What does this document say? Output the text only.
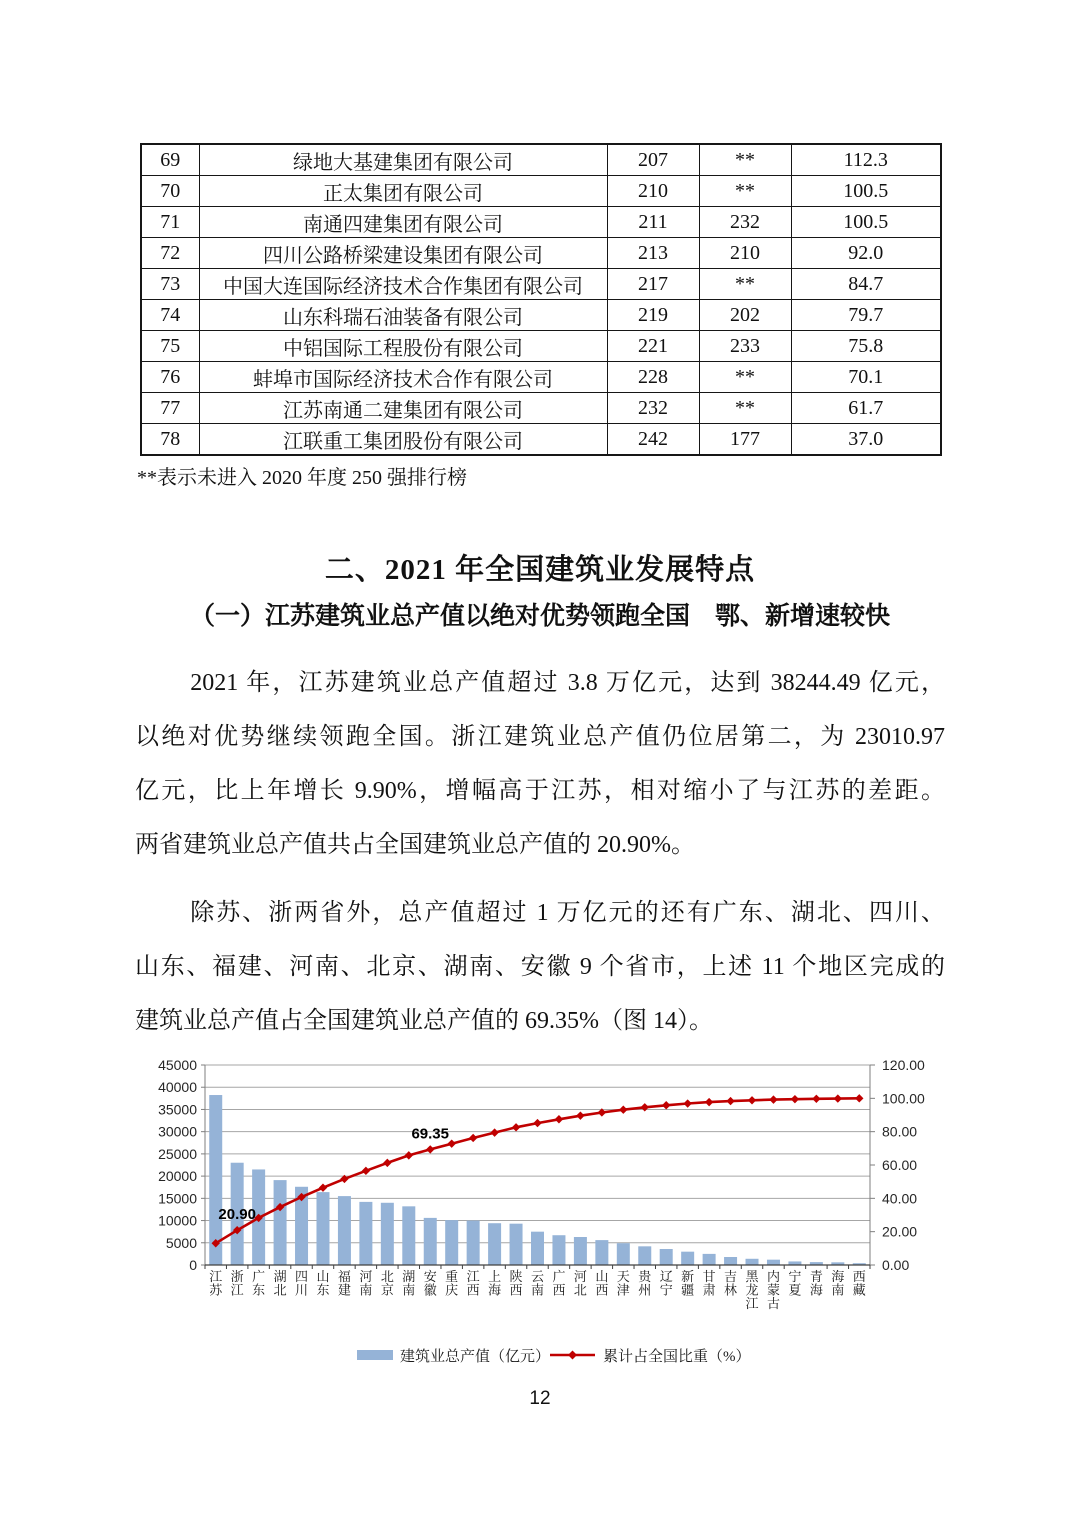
69	绿地大基建集团有限公司	207	**	112.3
70	正太集团有限公司	210	**	100.5
71	南通四建集团有限公司	211	232	100.5
72	四川公路桥梁建设集团有限公司	213	210	92.0
73	中国大连国际经济技术合作集团有限公司	217	**	84.7
74	山东科瑞石油装备有限公司	219	202	79.7
75	中铝国际工程股份有限公司	221	233	75.8
76	蚌埠市国际经济技术合作有限公司	228	**	70.1
77	江苏南通二建集团有限公司	232	**	61.7
78	江联重工集团股份有限公司	242	177	37.0
**表示未进入 2020 年度 250 强排行榜
二、2021 年全国建筑业发展特点
（一）江苏建筑业总产值以绝对优势领跑全国　鄂、新增速较快
2021 年，江苏建筑业总产值超过 3.8 万亿元，达到 38244.49 亿元，
以绝对优势继续领跑全国。浙江建筑业总产值仍位居第二，为 23010.97
亿元，比上年增长 9.90%，增幅高于江苏，相对缩小了与江苏的差距。
两省建筑业总产值共占全国建筑业总产值的 20.90%。
除苏、浙两省外，总产值超过 1 万亿元的还有广东、湖北、四川、
山东、福建、河南、北京、湖南、安徽 9 个省市，上述 11 个地区完成的
建筑业总产值占全国建筑业总产值的 69.35%（图 14）。
0
5000
10000
15000
20000
25000
30000
35000
40000
45000
0.00
20.00
40.00
60.00
80.00
100.00
120.00
江苏
浙江
广东
湖北
四川
山东
福建
河南
北京
湖南
安徽
重庆
江西
上海
陕西
云南
广西
河北
山西
天津
贵州
辽宁
新疆
甘肃
吉林
黑龙江
内蒙古
宁夏
青海
海南
西藏
20.90
69.35
建筑业总产值（亿元）	累计占全国比重（%）
12
